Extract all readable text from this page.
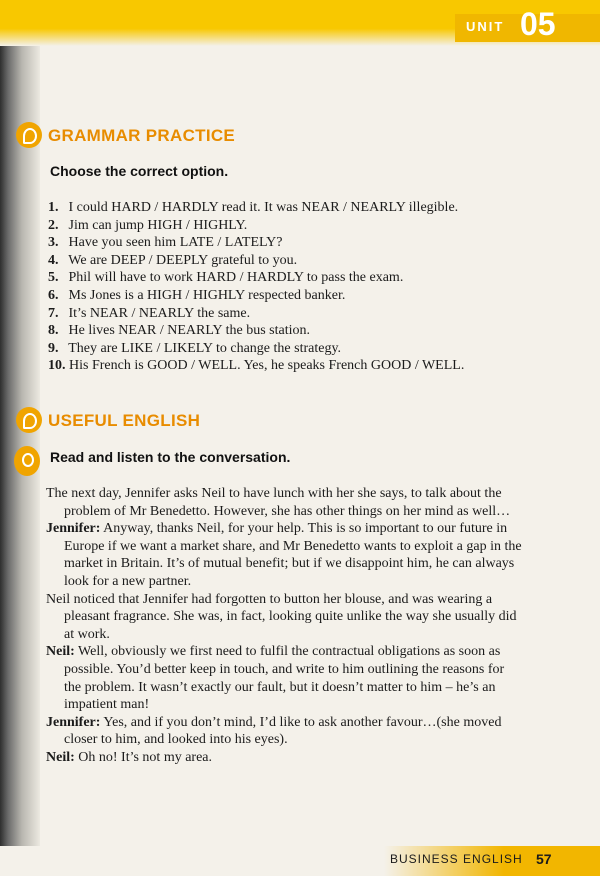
UNIT 05
GRAMMAR PRACTICE
Choose the correct option.
1. I could HARD / HARDLY read it. It was NEAR / NEARLY illegible.
2. Jim can jump HIGH / HIGHLY.
3. Have you seen him LATE / LATELY?
4. We are DEEP / DEEPLY grateful to you.
5. Phil will have to work HARD / HARDLY to pass the exam.
6. Ms Jones is a HIGH / HIGHLY respected banker.
7. It’s NEAR / NEARLY the same.
8. He lives NEAR / NEARLY the bus station.
9. They are LIKE / LIKELY to change the strategy.
10. His French is GOOD / WELL. Yes, he speaks French GOOD / WELL.
USEFUL ENGLISH
Read and listen to the conversation.

The next day, Jennifer asks Neil to have lunch with her she says, to talk about the problem of Mr Benedetto. However, she has other things on her mind as well…

Jennifer: Anyway, thanks Neil, for your help. This is so important to our future in Europe if we want a market share, and Mr Benedetto wants to exploit a gap in the market in Britain. It’s of mutual benefit; but if we disappoint him, he can always look for a new partner.

Neil noticed that Jennifer had forgotten to button her blouse, and was wearing a pleasant fragrance. She was, in fact, looking quite unlike the way she usually did at work.

Neil: Well, obviously we first need to fulfil the contractual obligations as soon as possible. You’d better keep in touch, and write to him outlining the reasons for the problem. It wasn’t exactly our fault, but it doesn’t matter to him – he’s an impatient man!

Jennifer: Yes, and if you don’t mind, I’d like to ask another favour…(she moved closer to him, and looked into his eyes).

Neil: Oh no! It’s not my area.

BUSINESS ENGLISH 57
